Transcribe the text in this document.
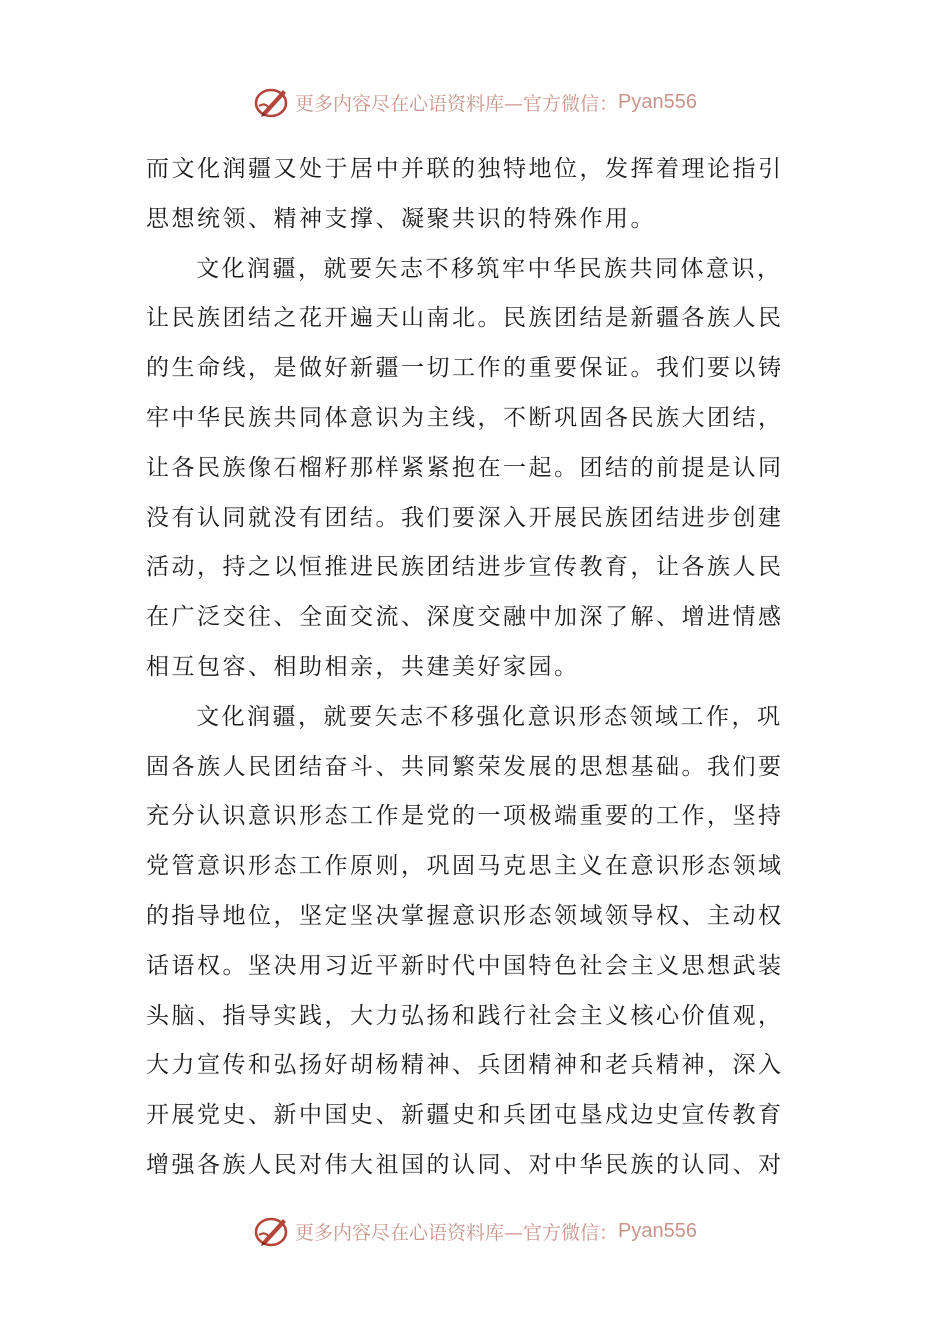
更多内容尽在心语资料库—官方微信： Pyan556
而文化润疆又处于居中并联的独特地位，发挥着理论指引
思想统领、精神支撑、凝聚共识的特殊作用。
文化润疆，就要矢志不移筑牢中华民族共同体意识，
让民族团结之花开遍天山南北。民族团结是新疆各族人民
的生命线，是做好新疆一切工作的重要保证。我们要以铸
牢中华民族共同体意识为主线，不断巩固各民族大团结，
让各民族像石榴籽那样紧紧抱在一起。团结的前提是认同
没有认同就没有团结。我们要深入开展民族团结进步创建
活动，持之以恒推进民族团结进步宣传教育，让各族人民
在广泛交往、全面交流、深度交融中加深了解、增进情感
相互包容、相助相亲，共建美好家园。
文化润疆，就要矢志不移强化意识形态领域工作，巩
固各族人民团结奋斗、共同繁荣发展的思想基础。我们要
充分认识意识形态工作是党的一项极端重要的工作，坚持
党管意识形态工作原则，巩固马克思主义在意识形态领域
的指导地位，坚定坚决掌握意识形态领域领导权、主动权
话语权。坚决用习近平新时代中国特色社会主义思想武装
头脑、指导实践，大力弘扬和践行社会主义核心价值观，
大力宣传和弘扬好胡杨精神、兵团精神和老兵精神，深入
开展党史、新中国史、新疆史和兵团屯垦戍边史宣传教育
增强各族人民对伟大祖国的认同、对中华民族的认同、对
更多内容尽在心语资料库—官方微信： Pyan556
